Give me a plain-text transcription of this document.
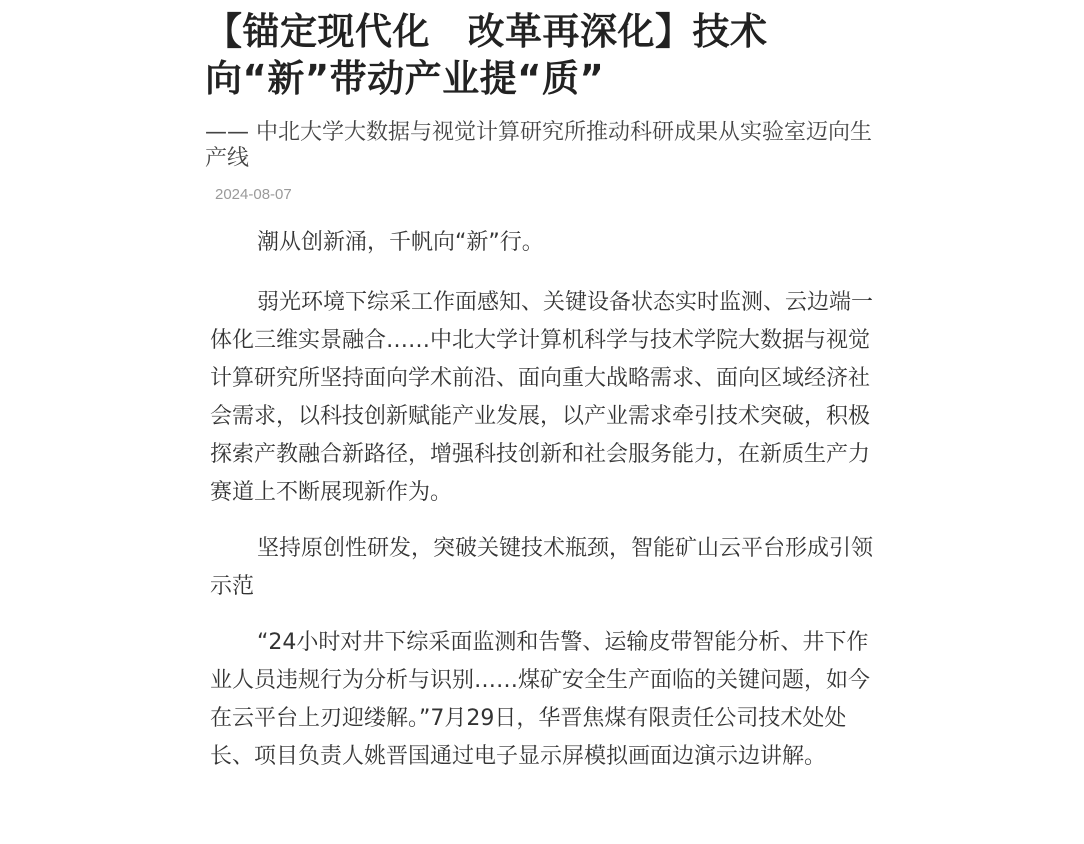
【锚定现代化　改革再深化】技术向“新”带动产业提“质”
—— 中北大学大数据与视觉计算研究所推动科研成果从实验室迈向生产线
2024-08-07

潮从创新涌，千帆向“新”行。

弱光环境下综采工作面感知、关键设备状态实时监测、云边端一体化三维实景融合……中北大学计算机科学与技术学院大数据与视觉计算研究所坚持面向学术前沿、面向重大战略需求、面向区域经济社会需求，以科技创新赋能产业发展，以产业需求牵引技术突破，积极探索产教融合新路径，增强科技创新和社会服务能力，在新质生产力赛道上不断展现新作为。

坚持原创性研发，突破关键技术瓶颈，智能矿山云平台形成引领示范

“24小时对井下综采面监测和告警、运输皮带智能分析、井下作业人员违规行为分析与识别……煤矿安全生产面临的关键问题，如今在云平台上刃迎缕解。”7月29日，华晋焦煤有限责任公司技术处处长、项目负责人姚晋国通过电子显示屏模拟画面边演示边讲解。
